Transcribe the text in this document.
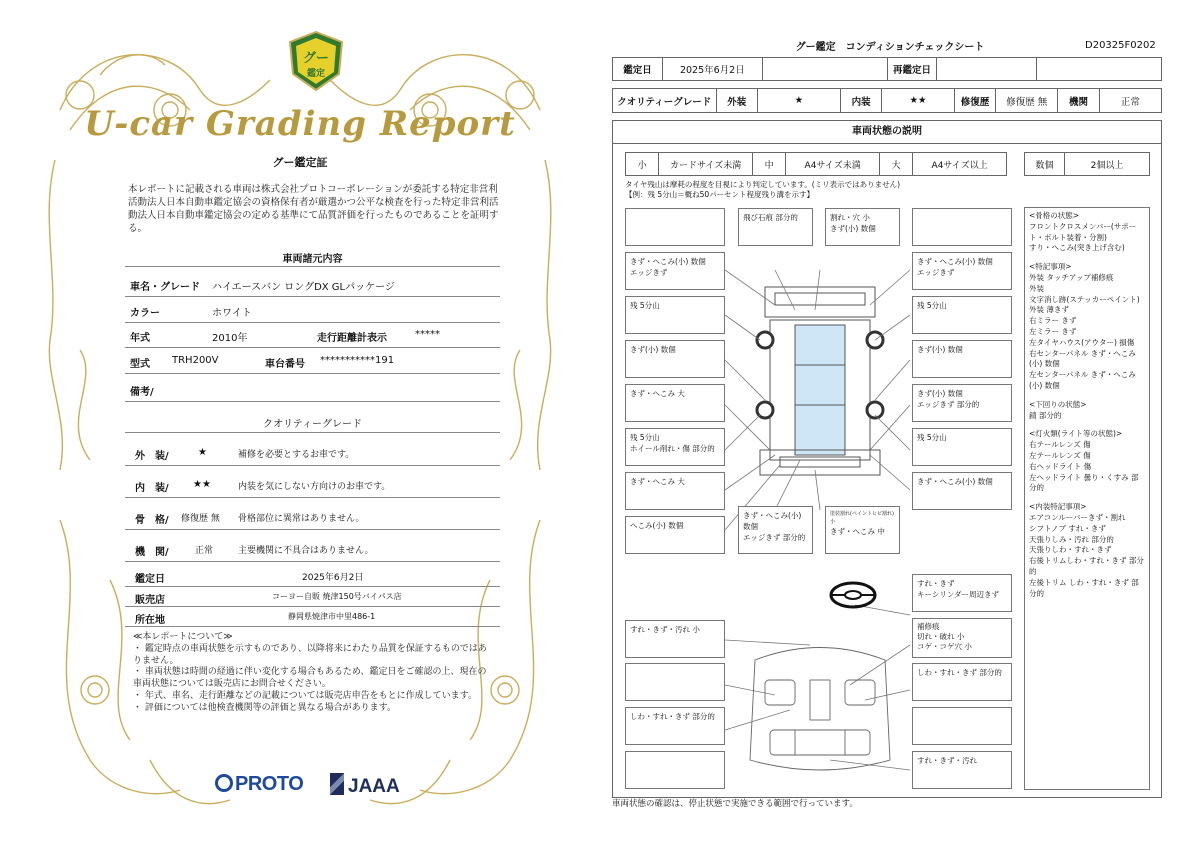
グー
鑑定
U-car Grading Report
グー鑑定証
本レポートに記載される車両は株式会社プロトコーポレーションが委託する特定非営利活動法人日本自動車鑑定協会の資格保有者が厳選かつ公平な検査を行った特定非営利活動法人日本自動車鑑定協会の定める基準にて品質評価を行ったものであることを証明する。
車両諸元内容
車名・グレード ハイエースバン ロングDX GLパッケージ
カラー	ホワイト
年式	2010年	走行距離計表示	*****
型式 TRH200V	車台番号 ***********191
備考/
クオリティーグレード
外　装/	★	補修を必要とするお車です。
内　装/ ★★	内装を気にしない方向けのお車です。
骨　格/ 修復歴 無 骨格部位に異常はありません。
機　関/	正常	主要機関に不具合はありません。
鑑定日	2025年6月2日
販売店	コーヨー自販 焼津150号バイパス店
所在地	静岡県焼津市中里486-1
≪本レポートについて≫
・ 鑑定時点の車両状態を示すものであり、以降将来にわたり品質を保証するものではありません。
・ 車両状態は時間の経過に伴い変化する場合もあるため、鑑定日をご確認の上、現在の車両状態については販売店にお問合せください。
・ 年式、車名、走行距離などの記載については販売店申告をもとに作成しています。
・ 評価については他検査機関等の評価と異なる場合があります。
PROTO	JAAA
グー鑑定　コンディションチェックシート	D20325F0202
鑑定日	2025年6月2日		再鑑定日		
クオリティーグレード	外装	★	内装	★★	修復歴	修復歴 無	機関	正常
車両状態の説明
小	カードサイズ未満	中	A4サイズ未満	大	A4サイズ以上	数個	2個以上
タイヤ残山は摩耗の程度を目視により判定しています。(ミリ表示ではありません)
【例：残 5分山＝概ね50パーセント程度残り溝を示す】
飛び石痕 部分的	割れ・穴 小
きず(小) 数個
きず・へこみ(小) 数個
エッジきず
きず・へこみ(小) 数個
エッジきず
残 5分山	残 5分山
きず(小) 数個	きず(小) 数個
きず・へこみ 大	きず(小) 数個
エッジきず 部分的
残 5分山
ホイール削れ・傷 部分的
残 5分山
きず・へこみ 大	きず・へこみ(小) 数個
へこみ(小) 数個
きず・へこみ(小) 数個
エッジきず 部分的
塗装割れ(ペイントヒビ割れ) 小
きず・へこみ 中
すれ・きず
キーシリンダー周辺きず
すれ・きず・汚れ 小	補修痕
切れ・破れ 小
コゲ・コゲ穴 小
しわ・すれ・きず 部分的
しわ・すれ・きず 部分的
すれ・きず・汚れ
<骨格の状態>
フロントクロスメンバー(サポート・ボルト装着・分割)
すり・へこみ(突き上げ含む)
<特記事項>
外装 タッチアップ補修痕
外装
文字消し跡(ステッカーペイント)
外装 薄きず
右ミラー きず
左ミラー きず
左タイヤハウス(アウター) 損傷
右センターパネル きず・へこみ(小) 数個
左センターパネル きず・へこみ(小) 数個
<下回りの状態>
錆 部分的
<灯火類(ライト等の状態)>
右テールレンズ 傷
左テールレンズ 傷
右ヘッドライト 傷
左ヘッドライト 曇り・くすみ 部分的
<内装特記事項>
エアコンルーバーきず・割れ
シフトノブ すれ・きず
天張りしみ・汚れ 部分的
天張りしわ・すれ・きず
右後トリムしわ・すれ・きず 部分的
左後トリム しわ・すれ・きず 部分的
車両状態の確認は、停止状態で実施できる範囲で行っています。
